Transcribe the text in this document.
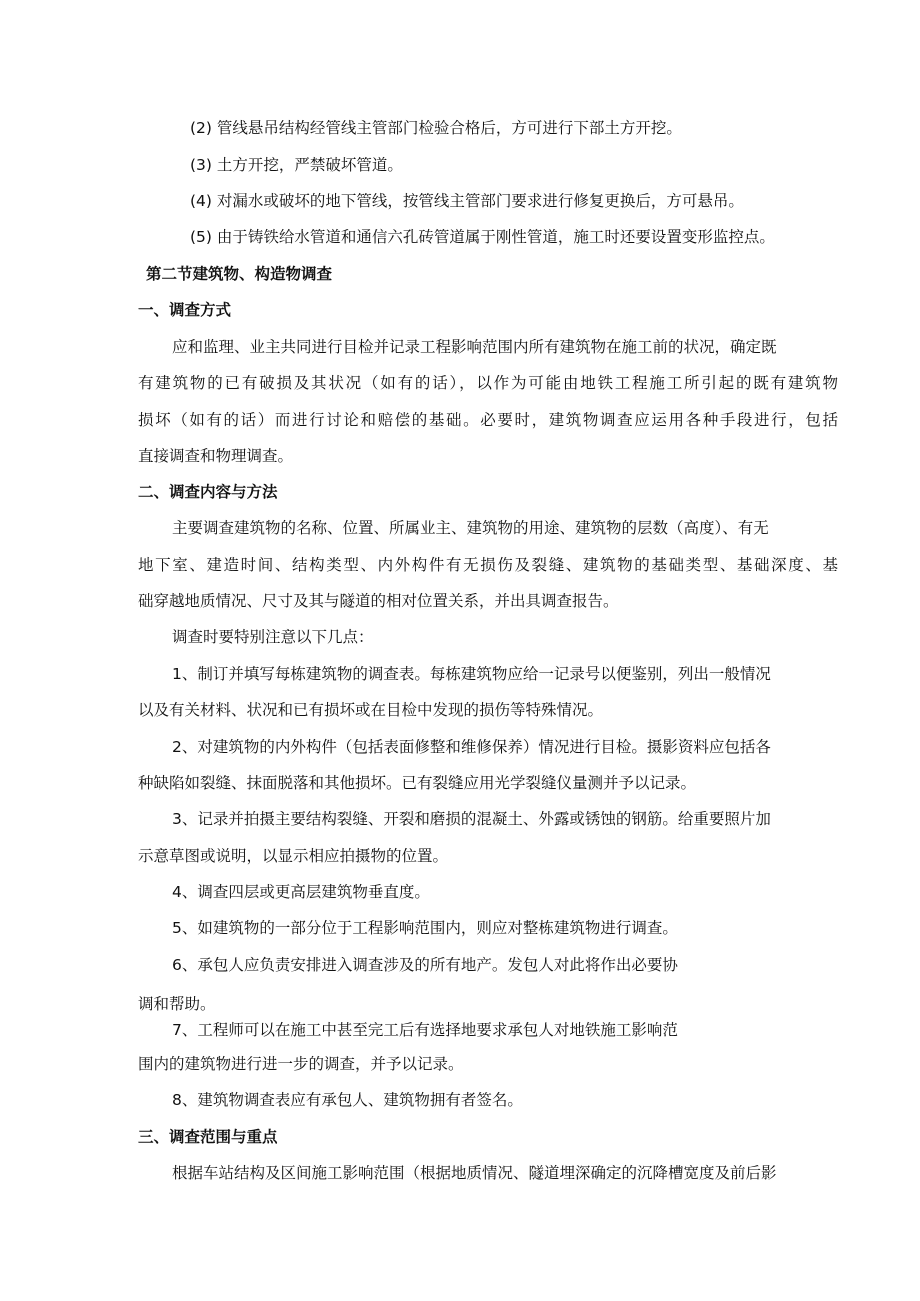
(2) 管线悬吊结构经管线主管部门检验合格后，方可进行下部土方开挖。

(3) 土方开挖，严禁破坏管道。

(4) 对漏水或破坏的地下管线，按管线主管部门要求进行修复更换后，方可悬吊。

(5) 由于铸铁给水管道和通信六孔砖管道属于刚性管道，施工时还要设置变形监控点。

第二节建筑物、构造物调查

一、调查方式

应和监理、业主共同进行目检并记录工程影响范围内所有建筑物在施工前的状况，确定既

有建筑物的已有破损及其状况（如有的话），以作为可能由地铁工程施工所引起的既有建筑物

损坏（如有的话）而进行讨论和赔偿的基础。必要时，建筑物调查应运用各种手段进行，包括

直接调查和物理调查。

二、调查内容与方法

主要调查建筑物的名称、位置、所属业主、建筑物的用途、建筑物的层数（高度）、有无

地下室、建造时间、结构类型、内外构件有无损伤及裂缝、建筑物的基础类型、基础深度、基

础穿越地质情况、尺寸及其与隧道的相对位置关系，并出具调查报告。

调查时要特别注意以下几点：

1、制订并填写每栋建筑物的调查表。每栋建筑物应给一记录号以便鉴别，列出一般情况

以及有关材料、状况和已有损坏或在目检中发现的损伤等特殊情况。

2、对建筑物的内外构件（包括表面修整和维修保养）情况进行目检。摄影资料应包括各

种缺陷如裂缝、抹面脱落和其他损坏。已有裂缝应用光学裂缝仪量测并予以记录。

3、记录并拍摄主要结构裂缝、开裂和磨损的混凝土、外露或锈蚀的钢筋。给重要照片加

示意草图或说明，以显示相应拍摄物的位置。

4、调查四层或更高层建筑物垂直度。

5、如建筑物的一部分位于工程影响范围内，则应对整栋建筑物进行调查。

6、承包人应负责安排进入调查涉及的所有地产。发包人对此将作出必要协

调和帮助。

7、工程师可以在施工中甚至完工后有选择地要求承包人对地铁施工影响范

围内的建筑物进行进一步的调查，并予以记录。

8、建筑物调查表应有承包人、建筑物拥有者签名。

三、调查范围与重点

根据车站结构及区间施工影响范围（根据地质情况、隧道埋深确定的沉降槽宽度及前后影
